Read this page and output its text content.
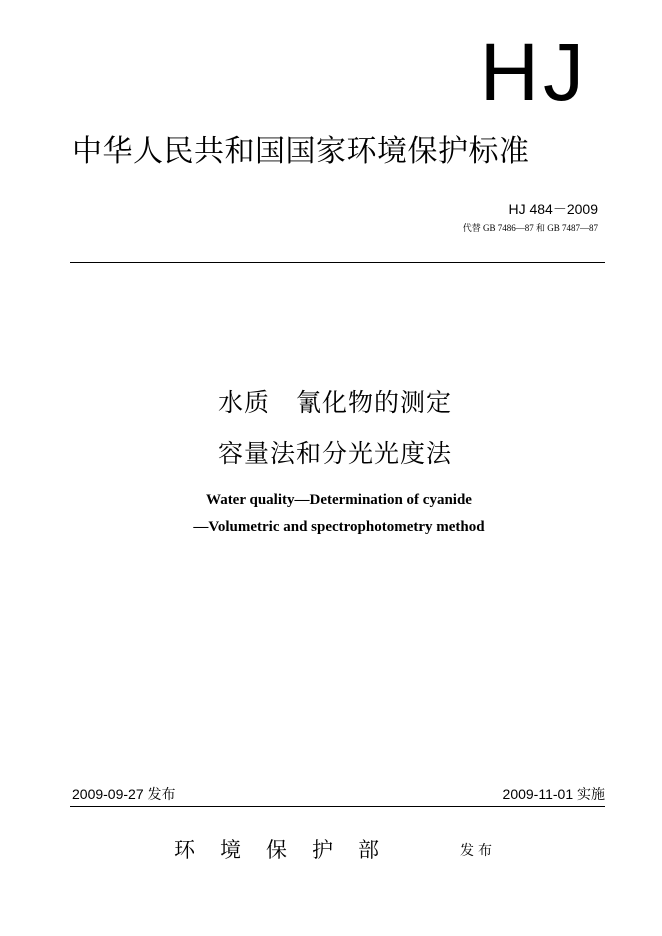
HJ
中华人民共和国国家环境保护标准
HJ 484－2009
代替 GB 7486—87 和 GB 7487—87
水质　氰化物的测定
容量法和分光光度法
Water quality—Determination of cyanide
—Volumetric and spectrophotometry method
2009-09-27 发布	2009-11-01 实施
环境保护部	发布
